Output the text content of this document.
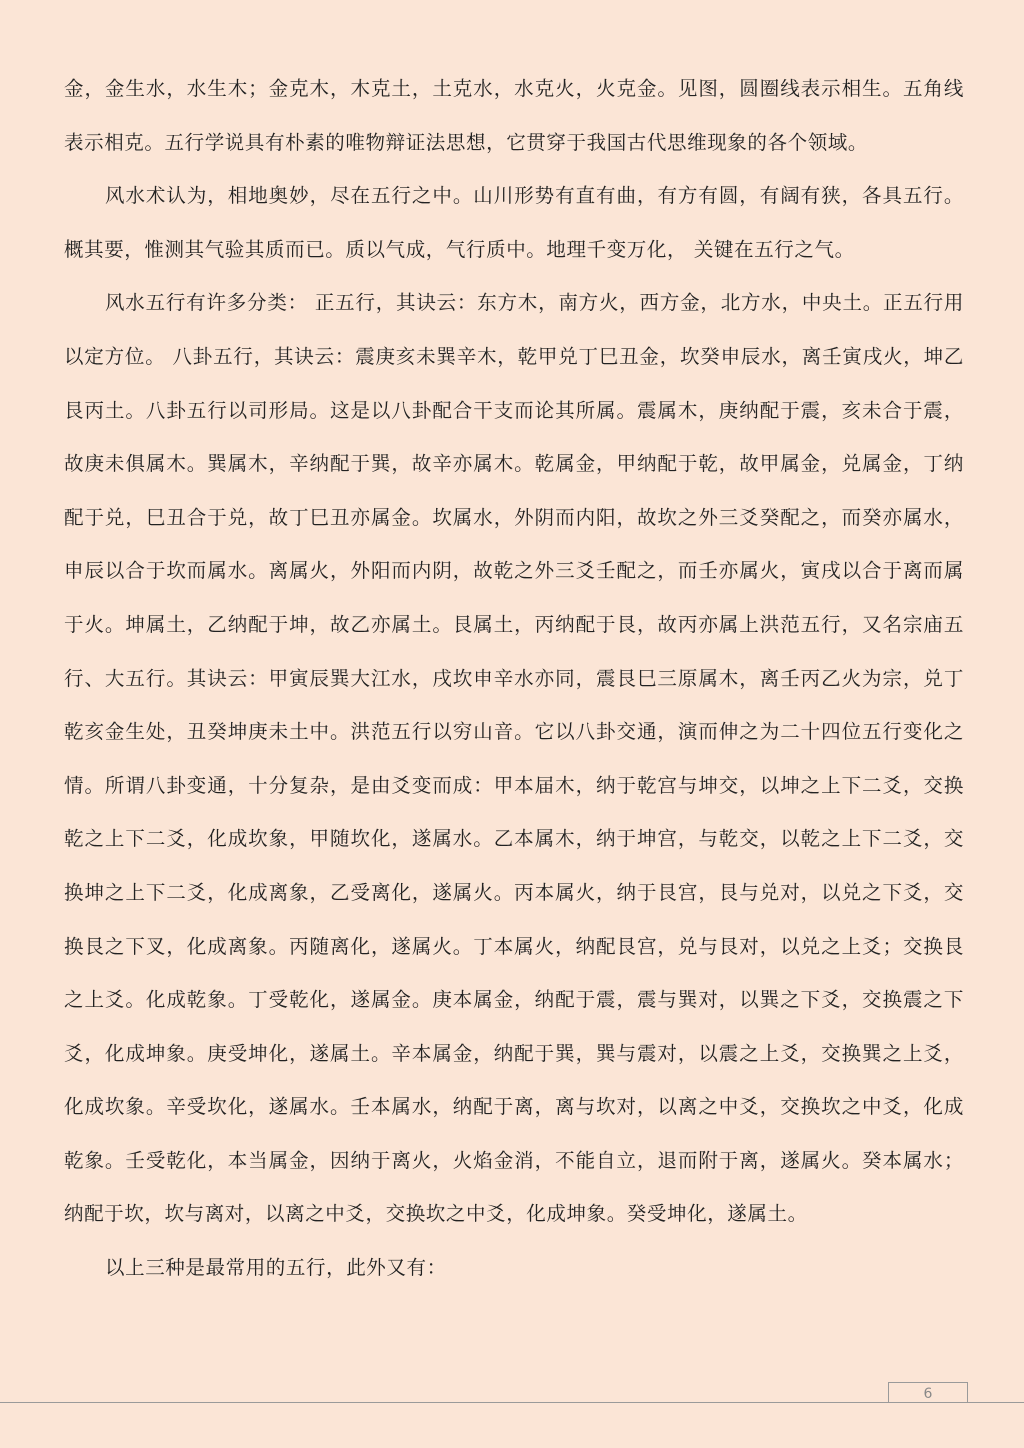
金，金生水，水生木；金克木，木克土，土克水，水克火，火克金。见图，圆圈线表示相生。五角线表示相克。五行学说具有朴素的唯物辩证法思想，它贯穿于我国古代思维现象的各个领域。

风水术认为，相地奥妙，尽在五行之中。山川形势有直有曲，有方有圆，有阔有狭，各具五行。概其要，惟测其气验其质而已。质以气成，气行质中。地理千变万化， 关键在五行之气。

风水五行有许多分类： 正五行，其诀云：东方木，南方火，西方金，北方水，中央土。正五行用以定方位。 八卦五行，其诀云：震庚亥未巽辛木，乾甲兑丁巳丑金，坎癸申辰水，离壬寅戌火，坤乙艮丙土。八卦五行以司形局。这是以八卦配合干支而论其所属。震属木，庚纳配于震，亥未合于震，故庚未俱属木。巽属木，辛纳配于巽，故辛亦属木。乾属金，甲纳配于乾，故甲属金，兑属金，丁纳配于兑，巳丑合于兑，故丁巳丑亦属金。坎属水，外阴而内阳，故坎之外三爻癸配之，而癸亦属水，申辰以合于坎而属水。离属火，外阳而内阴，故乾之外三爻壬配之，而壬亦属火，寅戌以合于离而属于火。坤属土，乙纳配于坤，故乙亦属土。艮属土，丙纳配于艮，故丙亦属上洪范五行，又名宗庙五行、大五行。其诀云：甲寅辰巽大江水，戌坎申辛水亦同，震艮巳三原属木，离壬丙乙火为宗，兑丁乾亥金生处，丑癸坤庚未土中。洪范五行以穷山音。它以八卦交通，演而伸之为二十四位五行变化之情。所谓八卦变通，十分复杂，是由爻变而成：甲本届木，纳于乾宫与坤交，以坤之上下二爻，交换乾之上下二爻，化成坎象，甲随坎化，遂属水。乙本属木，纳于坤宫，与乾交，以乾之上下二爻，交换坤之上下二爻，化成离象，乙受离化，遂属火。丙本属火，纳于艮宫，艮与兑对，以兑之下爻，交换艮之下叉，化成离象。丙随离化，遂属火。丁本属火，纳配艮宫，兑与艮对，以兑之上爻；交换艮之上爻。化成乾象。丁受乾化，遂属金。庚本属金，纳配于震，震与巽对，以巽之下爻，交换震之下爻，化成坤象。庚受坤化，遂属土。辛本属金，纳配于巽，巽与震对，以震之上爻，交换巽之上爻，化成坎象。辛受坎化，遂属水。壬本属水，纳配于离，离与坎对，以离之中爻，交换坎之中爻，化成乾象。壬受乾化，本当属金，因纳于离火，火焰金消，不能自立，退而附于离，遂属火。癸本属水；纳配于坎，坎与离对，以离之中爻，交换坎之中爻，化成坤象。癸受坤化，遂属土。

以上三种是最常用的五行，此外又有：

6
